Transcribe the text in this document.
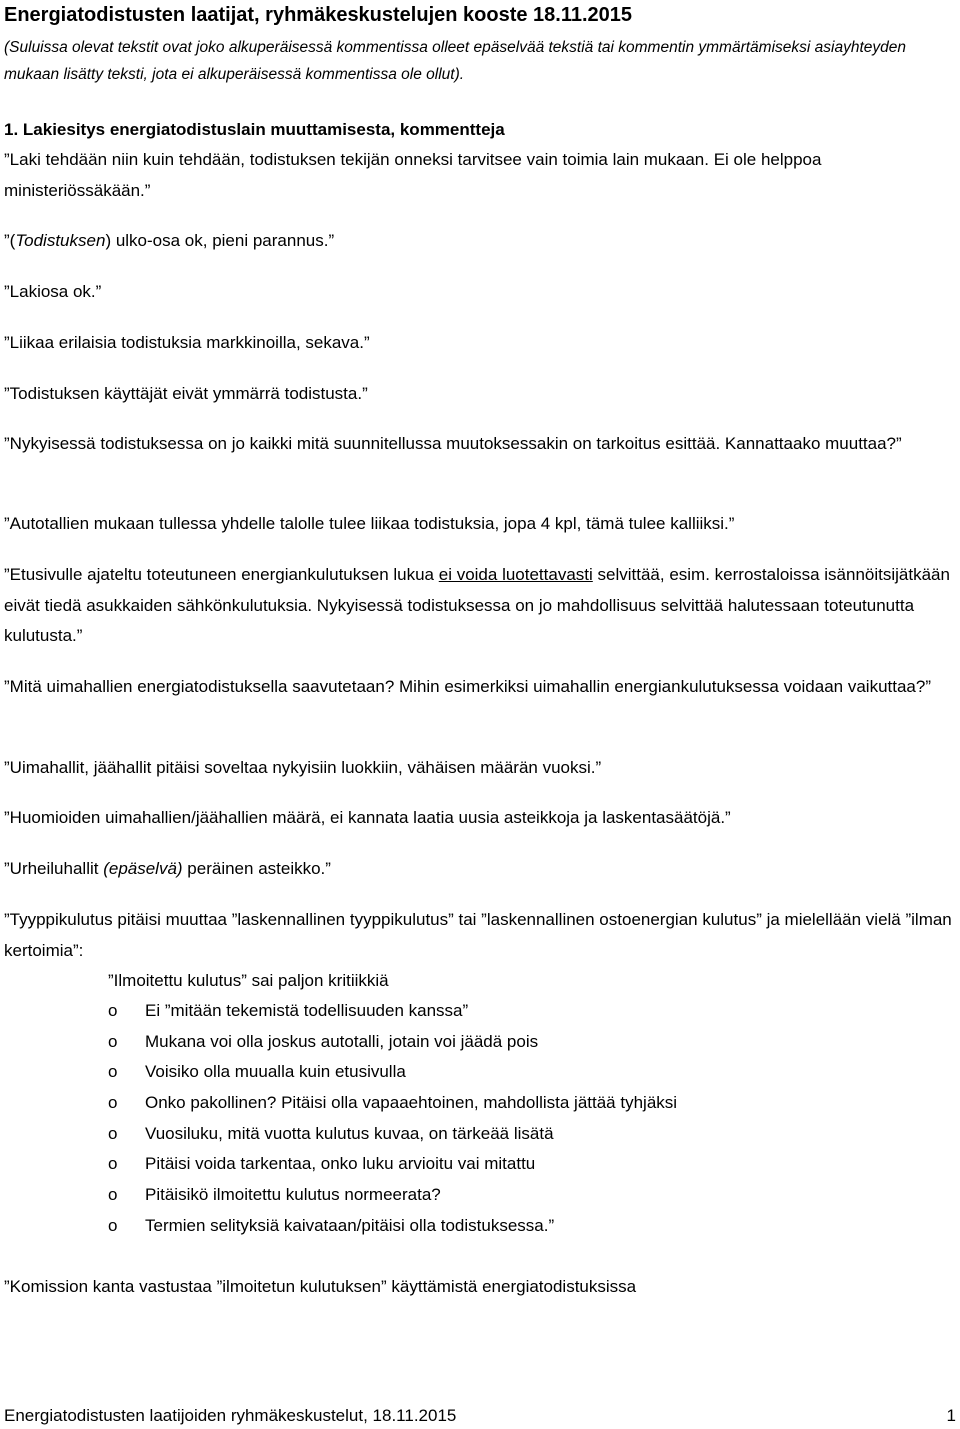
Energiatodistusten laatijat, ryhmäkeskustelujen kooste 18.11.2015
(Suluissa olevat tekstit ovat joko alkuperäisessä kommentissa olleet epäselvää tekstiä tai kommentin ymmärtämiseksi asiayhteyden mukaan lisätty teksti, jota ei alkuperäisessä kommentissa ole ollut).
1. Lakiesitys energiatodistuslain muuttamisesta, kommentteja
”Laki tehdään niin kuin tehdään, todistuksen tekijän onneksi tarvitsee vain toimia lain mukaan. Ei ole helppoa ministeriössäkään.”
”(Todistuksen) ulko-osa ok, pieni parannus.”
”Lakiosa ok.”
”Liikaa erilaisia todistuksia markkinoilla, sekava.”
”Todistuksen käyttäjät eivät ymmärrä todistusta.”
”Nykyisessä todistuksessa on jo kaikki mitä suunnitellussa muutoksessakin on tarkoitus esittää. Kannattaako muuttaa?”
”Autotallien mukaan tullessa yhdelle talolle tulee liikaa todistuksia, jopa 4 kpl, tämä tulee kalliiksi.”
”Etusivulle ajateltu toteutuneen energiankulutuksen lukua ei voida luotettavasti selvittää, esim. kerrostaloissa isännöitsijätkään eivät tiedä asukkaiden sähkönkulutuksia. Nykyisessä todistuksessa on jo mahdollisuus selvittää halutessaan toteutunutta kulutusta.”
”Mitä uimahallien energiatodistuksella saavutetaan? Mihin esimerkiksi uimahallin energiankulutuksessa voidaan vaikuttaa?”
”Uimahallit, jäähallit pitäisi soveltaa nykyisiin luokkiin, vähäisen määrän vuoksi.”
”Huomioiden uimahallien/jäähallien määrä, ei kannata laatia uusia asteikkoja ja laskentasäätöjä.”
”Urheiluhallit (epäselvä) peräinen asteikko.”
”Tyyppikulutus pitäisi muuttaa ”laskennallinen tyyppikulutus” tai ”laskennallinen ostoenergian kulutus” ja mielellään vielä ”ilman kertoimia”:
”Ilmoitettu kulutus” sai paljon kritiikkiä
o Ei ”mitään tekemistä todellisuuden kanssa”
o Mukana voi olla joskus autotalli, jotain voi jäädä pois
o Voisiko olla muualla kuin etusivulla
o Onko pakollinen? Pitäisi olla vapaaehtoinen, mahdollista jättää tyhjäksi
o Vuosiluku, mitä vuotta kulutus kuvaa, on tärkeää lisätä
o Pitäisi voida tarkentaa, onko luku arvioitu vai mitattu
o Pitäisikö ilmoitettu kulutus normeerata?
o Termien selityksiä kaivataan/pitäisi olla todistuksessa.”
”Komission kanta vastustaa ”ilmoitetun kulutuksen” käyttämistä energiatodistuksissa
Energiatodistusten laatijoiden ryhmäkeskustelut, 18.11.2015	1
